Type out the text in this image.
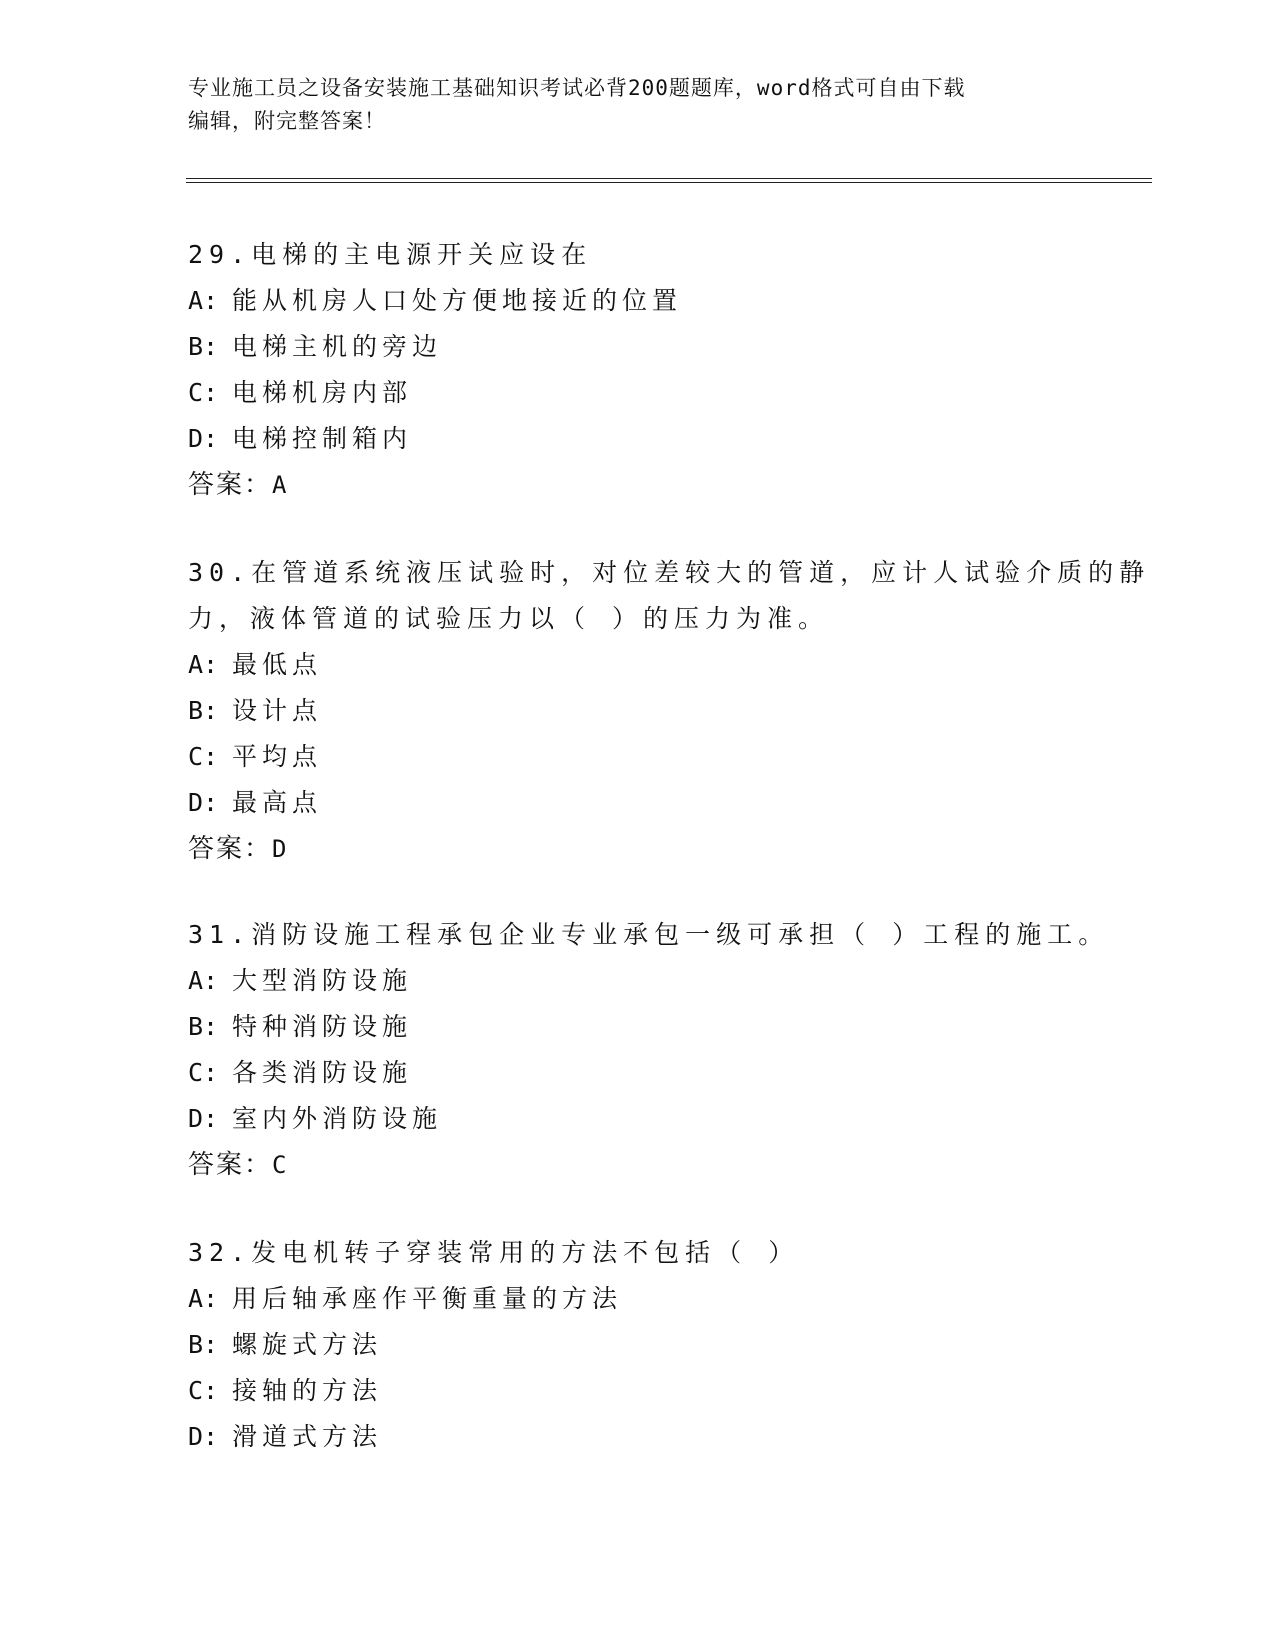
专业施工员之设备安装施工基础知识考试必背200题题库，word格式可自由下载
编辑，附完整答案！
29.电梯的主电源开关应设在
A: 能从机房人口处方便地接近的位置
B: 电梯主机的旁边
C: 电梯机房内部
D: 电梯控制箱内
答案：A
30.在管道系统液压试验时，对位差较大的管道，应计人试验介质的静
力，液体管道的试验压力以（ ）的压力为准。
A: 最低点
B: 设计点
C: 平均点
D: 最高点
答案：D
31.消防设施工程承包企业专业承包一级可承担（ ）工程的施工。
A: 大型消防设施
B: 特种消防设施
C: 各类消防设施
D: 室内外消防设施
答案：C
32.发电机转子穿装常用的方法不包括（ ）
A: 用后轴承座作平衡重量的方法
B: 螺旋式方法
C: 接轴的方法
D: 滑道式方法
